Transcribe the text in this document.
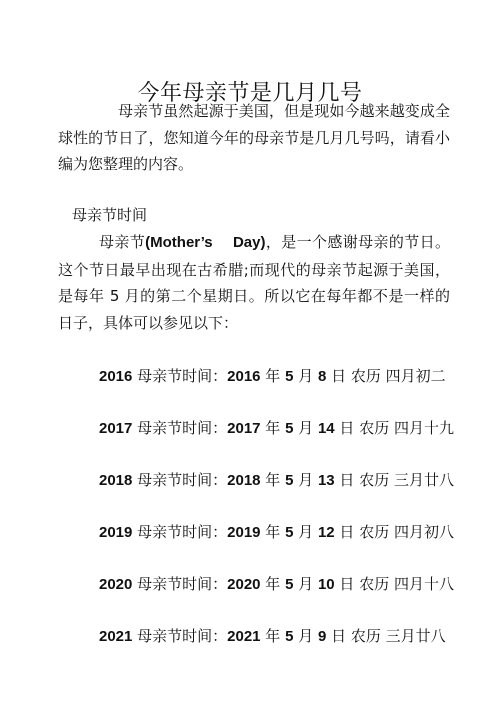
今年母亲节是几月几号

母亲节虽然起源于美国，但是现如今越来越变成全球性的节日了，您知道今年的母亲节是几月几号吗，请看小编为您整理的内容。

母亲节时间

母亲节(Mother’s　 Day)，是一个感谢母亲的节日。这个节日最早出现在古希腊;而现代的母亲节起源于美国，是每年 5 月的第二个星期日。所以它在每年都不是一样的日子，具体可以参见以下：

2016 母亲节时间：2016 年 5 月 8 日 农历 四月初二
2017 母亲节时间：2017 年 5 月 14 日 农历 四月十九
2018 母亲节时间：2018 年 5 月 13 日 农历 三月廿八
2019 母亲节时间：2019 年 5 月 12 日 农历 四月初八
2020 母亲节时间：2020 年 5 月 10 日 农历 四月十八
2021 母亲节时间：2021 年 5 月 9 日 农历 三月廿八
